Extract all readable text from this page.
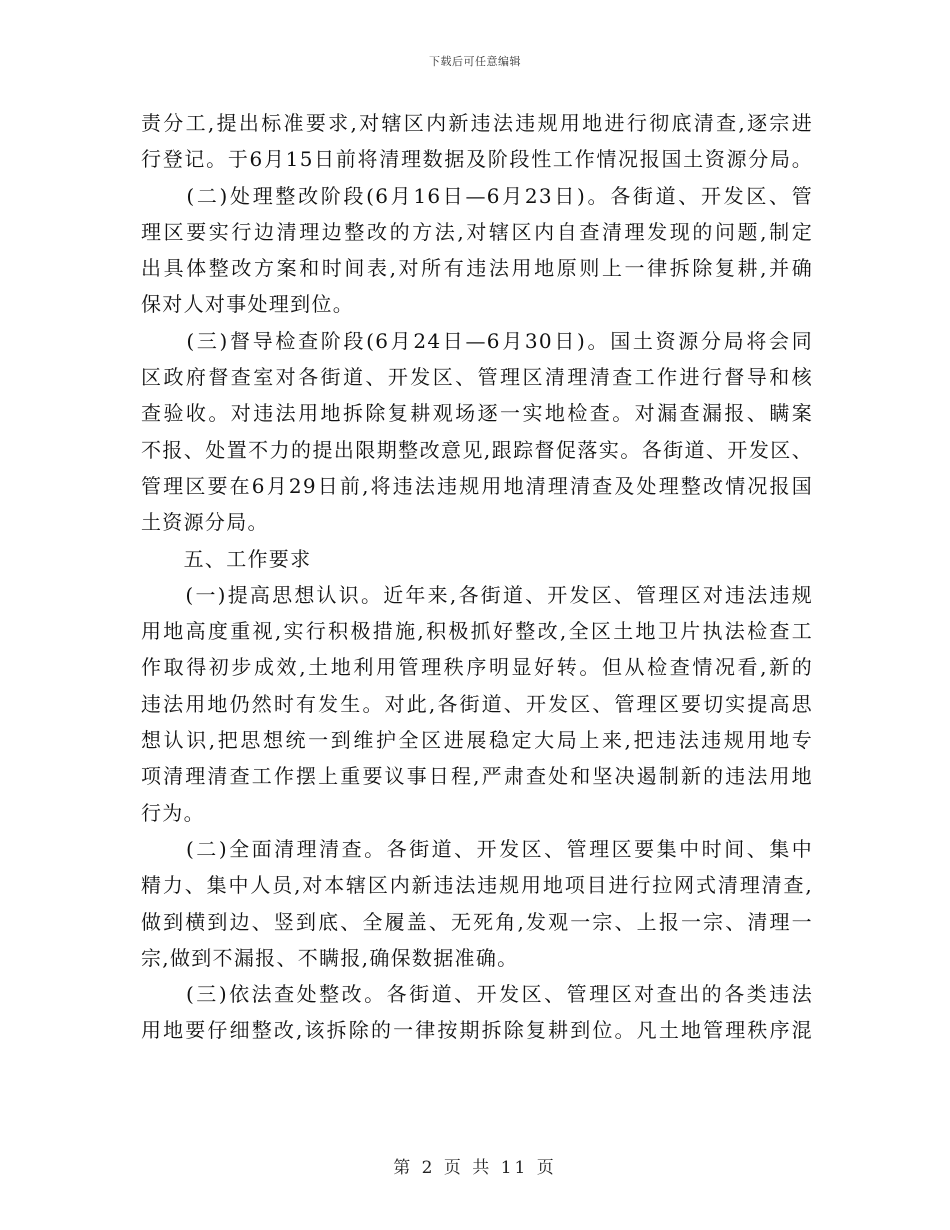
下载后可任意编辑
责分工,提出标准要求,对辖区内新违法违规用地进行彻底清查,逐宗进
行登记。于6月15日前将清理数据及阶段性工作情况报国土资源分局。
　　(二)处理整改阶段(6月16日—6月23日)。各街道、开发区、管
理区要实行边清理边整改的方法,对辖区内自查清理发现的问题,制定
出具体整改方案和时间表,对所有违法用地原则上一律拆除复耕,并确
保对人对事处理到位。
　　(三)督导检查阶段(6月24日—6月30日)。国土资源分局将会同
区政府督查室对各街道、开发区、管理区清理清查工作进行督导和核
查验收。对违法用地拆除复耕观场逐一实地检查。对漏查漏报、瞒案
不报、处置不力的提出限期整改意见,跟踪督促落实。各街道、开发区、
管理区要在6月29日前,将违法违规用地清理清查及处理整改情况报国
土资源分局。
　　五、工作要求
　　(一)提高思想认识。近年来,各街道、开发区、管理区对违法违规
用地高度重视,实行积极措施,积极抓好整改,全区土地卫片执法检查工
作取得初步成效,土地利用管理秩序明显好转。但从检查情况看,新的
违法用地仍然时有发生。对此,各街道、开发区、管理区要切实提高思
想认识,把思想统一到维护全区进展稳定大局上来,把违法违规用地专
项清理清查工作摆上重要议事日程,严肃查处和坚决遏制新的违法用地
行为。
　　(二)全面清理清查。各街道、开发区、管理区要集中时间、集中
精力、集中人员,对本辖区内新违法违规用地项目进行拉网式清理清查,
做到横到边、竖到底、全履盖、无死角,发观一宗、上报一宗、清理一
宗,做到不漏报、不瞒报,确保数据准确。
　　(三)依法查处整改。各街道、开发区、管理区对查出的各类违法
用地要仔细整改,该拆除的一律按期拆除复耕到位。凡土地管理秩序混
第 2 页 共 11 页
